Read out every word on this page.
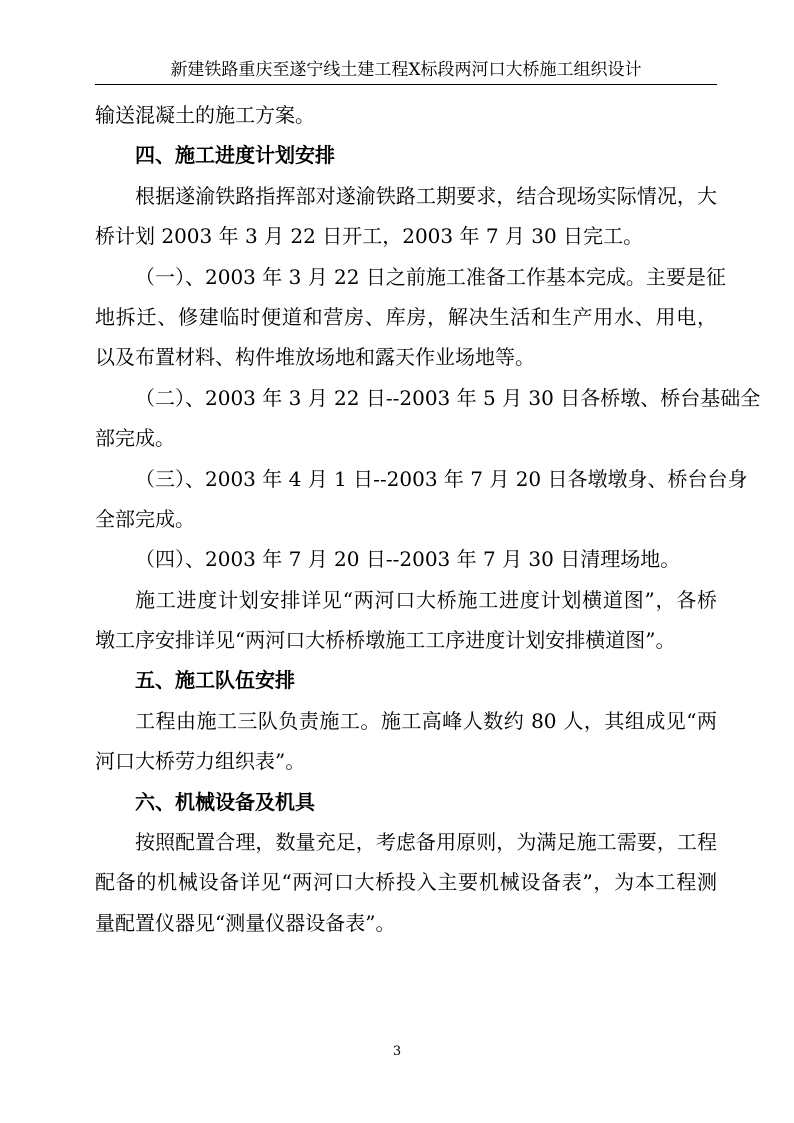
新建铁路重庆至遂宁线土建工程Ⅹ标段两河口大桥施工组织设计
输送混凝土的施工方案。
四、施工进度计划安排
根据遂渝铁路指挥部对遂渝铁路工期要求，结合现场实际情况，大
桥计划 2003 年 3 月 22 日开工，2003 年 7 月 30 日完工。
（一）、2003 年 3 月 22 日之前施工准备工作基本完成。主要是征
地拆迁、修建临时便道和营房、库房，解决生活和生产用水、用电，
以及布置材料、构件堆放场地和露天作业场地等。
（二）、2003 年 3 月 22 日--2003 年 5 月 30 日各桥墩、桥台基础全
部完成。
（三）、2003 年 4 月 1 日--2003 年 7 月 20 日各墩墩身、桥台台身
全部完成。
（四）、2003 年 7 月 20 日--2003 年 7 月 30 日清理场地。
施工进度计划安排详见“两河口大桥施工进度计划横道图”，各桥
墩工序安排详见“两河口大桥桥墩施工工序进度计划安排横道图”。
五、施工队伍安排
工程由施工三队负责施工。施工高峰人数约 80 人，其组成见“两
河口大桥劳力组织表”。
六、机械设备及机具
按照配置合理，数量充足，考虑备用原则，为满足施工需要，工程
配备的机械设备详见“两河口大桥投入主要机械设备表”，为本工程测
量配置仪器见“测量仪器设备表”。
3
